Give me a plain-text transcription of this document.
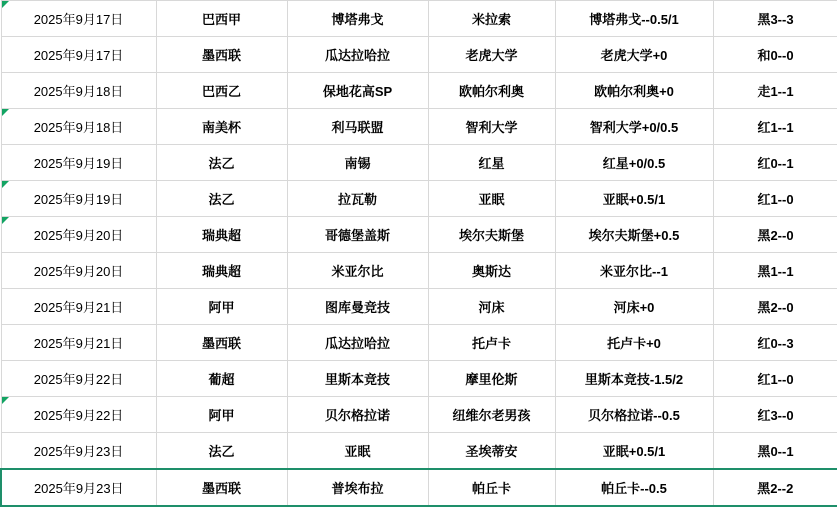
2025年9月17日	巴西甲	博塔弗戈	米拉索	博塔弗戈--0.5/1	黑3--3
2025年9月17日	墨西联	瓜达拉哈拉	老虎大学	老虎大学+0	和0--0
2025年9月18日	巴西乙	保地花高SP	欧帕尔利奥	欧帕尔利奥+0	走1--1
2025年9月18日	南美杯	利马联盟	智利大学	智利大学+0/0.5	红1--1
2025年9月19日	法乙	南锡	红星	红星+0/0.5	红0--1
2025年9月19日	法乙	拉瓦勒	亚眠	亚眠+0.5/1	红1--0
2025年9月20日	瑞典超	哥德堡盖斯	埃尔夫斯堡	埃尔夫斯堡+0.5	黑2--0
2025年9月20日	瑞典超	米亚尔比	奥斯达	米亚尔比--1	黑1--1
2025年9月21日	阿甲	图库曼竞技	河床	河床+0	黑2--0
2025年9月21日	墨西联	瓜达拉哈拉	托卢卡	托卢卡+0	红0--3
2025年9月22日	葡超	里斯本竞技	摩里伦斯	里斯本竞技-1.5/2	红1--0
2025年9月22日	阿甲	贝尔格拉诺	纽维尔老男孩	贝尔格拉诺--0.5	红3--0
2025年9月23日	法乙	亚眠	圣埃蒂安	亚眠+0.5/1	黑0--1
2025年9月23日	墨西联	普埃布拉	帕丘卡	帕丘卡--0.5	黑2--2
